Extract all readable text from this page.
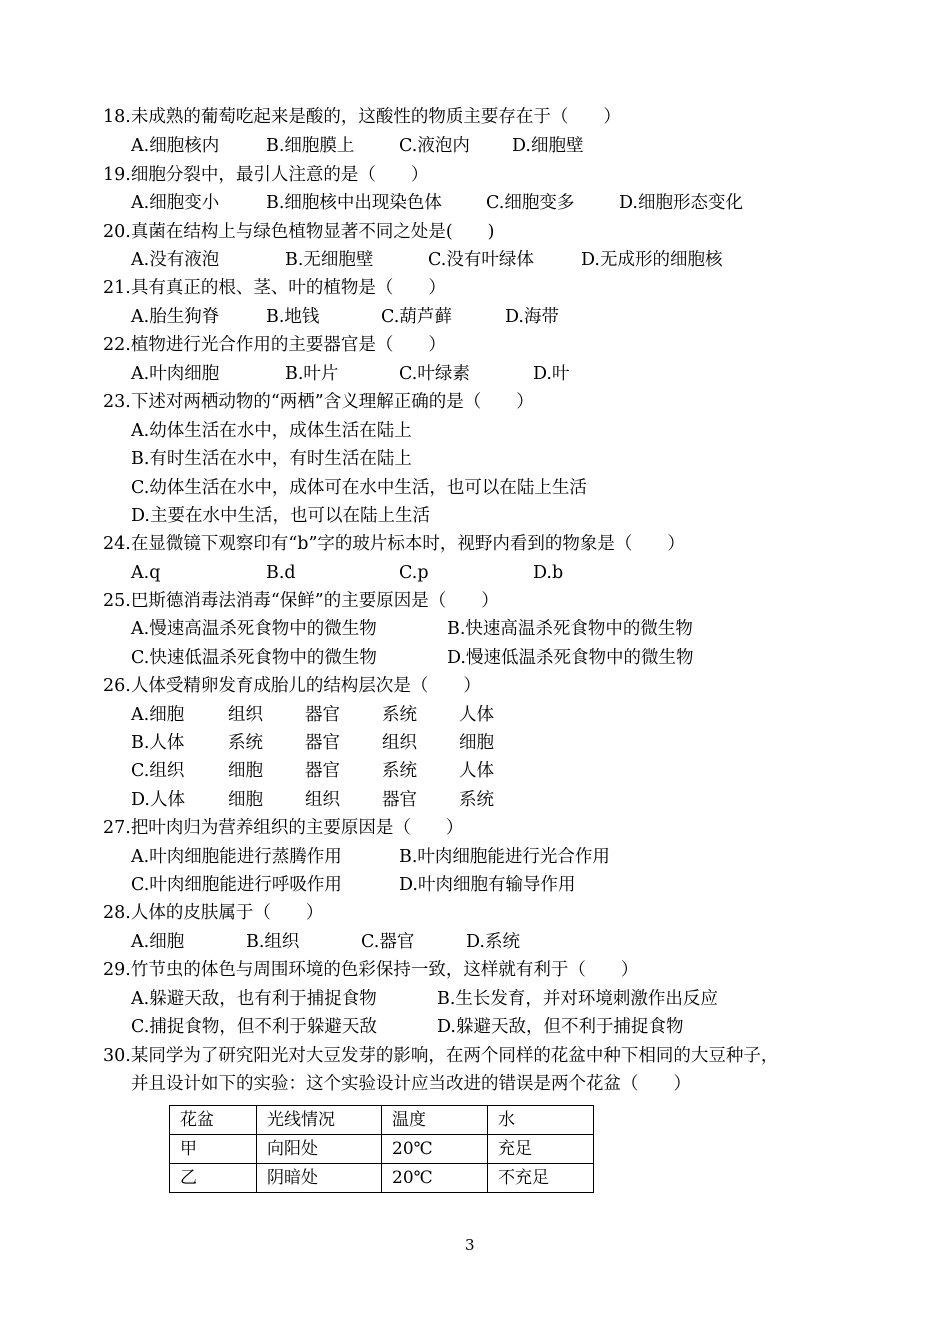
18.未成熟的葡萄吃起来是酸的，这酸性的物质主要存在于（　　）
A.细胞核内	B.细胞膜上	C.液泡内 D.细胞壁
19.细胞分裂中，最引人注意的是（　　）
A.细胞变小	B.细胞核中出现染色体	C.细胞变多	D.细胞形态变化
20.真菌在结构上与绿色植物显著不同之处是(　　)
A.没有液泡	B.无细胞壁	C.没有叶绿体	D.无成形的细胞核
21.具有真正的根、茎、叶的植物是（　　）
A.胎生狗脊	B.地钱	C.葫芦藓	D.海带
22.植物进行光合作用的主要器官是（　　）
A.叶肉细胞	B.叶片	C.叶绿素	D.叶
23.下述对两栖动物的“两栖”含义理解正确的是（　　）
A.幼体生活在水中，成体生活在陆上
B.有时生活在水中，有时生活在陆上
C.幼体生活在水中，成体可在水中生活，也可以在陆上生活
D.主要在水中生活，也可以在陆上生活
24.在显微镜下观察印有“b”字的玻片标本时，视野内看到的物象是（　　）
A.q	B.d	C.p	D.b
25.巴斯德消毒法消毒“保鲜”的主要原因是（　　）
A.慢速高温杀死食物中的微生物	B.快速高温杀死食物中的微生物
C.快速低温杀死食物中的微生物	D.慢速低温杀死食物中的微生物
26.人体受精卵发育成胎儿的结构层次是（　　）
A.细胞	组织 器官 系统 人体
B.人体 系统 器官 组织 细胞
C.组织 细胞 器官 系统 人体
D.人体 细胞 组织 器官 系统
27.把叶肉归为营养组织的主要原因是（　　）
A.叶肉细胞能进行蒸腾作用	B.叶肉细胞能进行光合作用
C.叶肉细胞能进行呼吸作用	D.叶肉细胞有输导作用
28.人体的皮肤属于（　　）
A.细胞	B.组织	C.器官	D.系统
29.竹节虫的体色与周围环境的色彩保持一致，这样就有利于（　　）
A.躲避天敌，也有利于捕捉食物	B.生长发育，并对环境刺激作出反应
C.捕捉食物，但不利于躲避天敌	D.躲避天敌，但不利于捕捉食物
30.某同学为了研究阳光对大豆发芽的影响，在两个同样的花盆中种下相同的大豆种子，
并且设计如下的实验：这个实验设计应当改进的错误是两个花盆（　　）
花盆	光线情况	温度	水
甲	向阳处	20℃	充足
乙	阴暗处	20℃	不充足
3
